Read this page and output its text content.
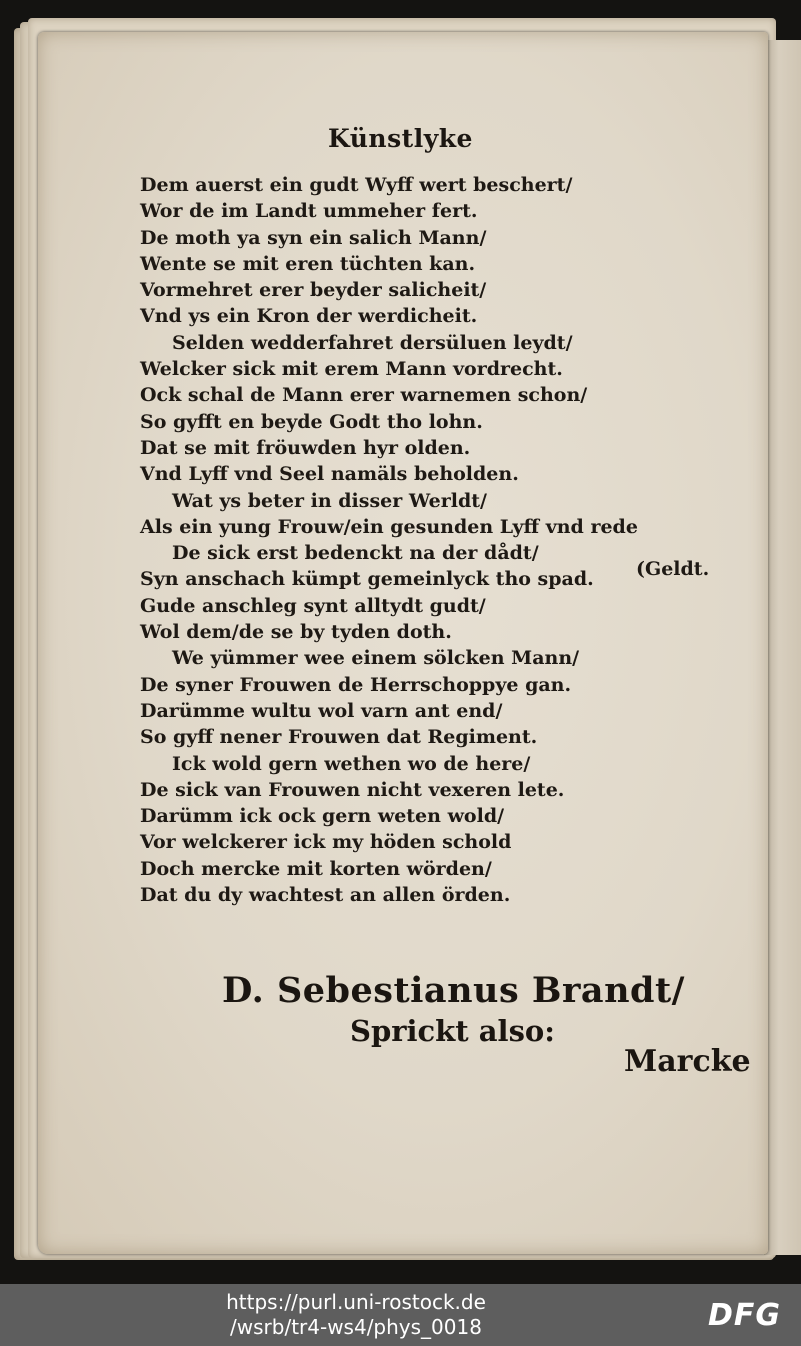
Künstlyke
Dem auerst ein gudt Wyff wert beschert/
Wor de im Landt ummeher fert.
De moth ya syn ein salich Mann/
Wente se mit eren tüchten kan.
Vormehret erer beyder salicheit/
Vnd ys ein Kron der werdicheit.
Selden wedderfahret dersüluen leydt/
Welcker sick mit erem Mann vordrecht.
Ock schal de Mann erer warnemen schon/
So gyfft en beyde Godt tho lohn.
Dat se mit fröuwden hyr olden.
Vnd Lyff vnd Seel namäls beholden.
Wat ys beter in disser Werldt/
Als ein yung Frouw/ein gesunden Lyff vnd rede
De sick erst bedenckt na der dådt/
Syn anschach kümpt gemeinlyck tho spad.
Gude anschleg synt alltydt gudt/
Wol dem/de se by tyden doth.
We yümmer wee einem sölcken Mann/
De syner Frouwen de Herrschoppye gan.
Darümme wultu wol varn ant end/
So gyff nener Frouwen dat Regiment.
Ick wold gern wethen wo de here/
De sick van Frouwen nicht vexeren lete.
Darümm ick ock gern weten wold/
Vor welckerer ick my höden schold
Doch mercke mit korten wörden/
Dat du dy wachtest an allen örden.
(Geldt.
D. Sebestianus Brandt/
Sprickt also:
Marcke
https://purl.uni-rostock.de
/wsrb/tr4-ws4/phys_0018	DFG
